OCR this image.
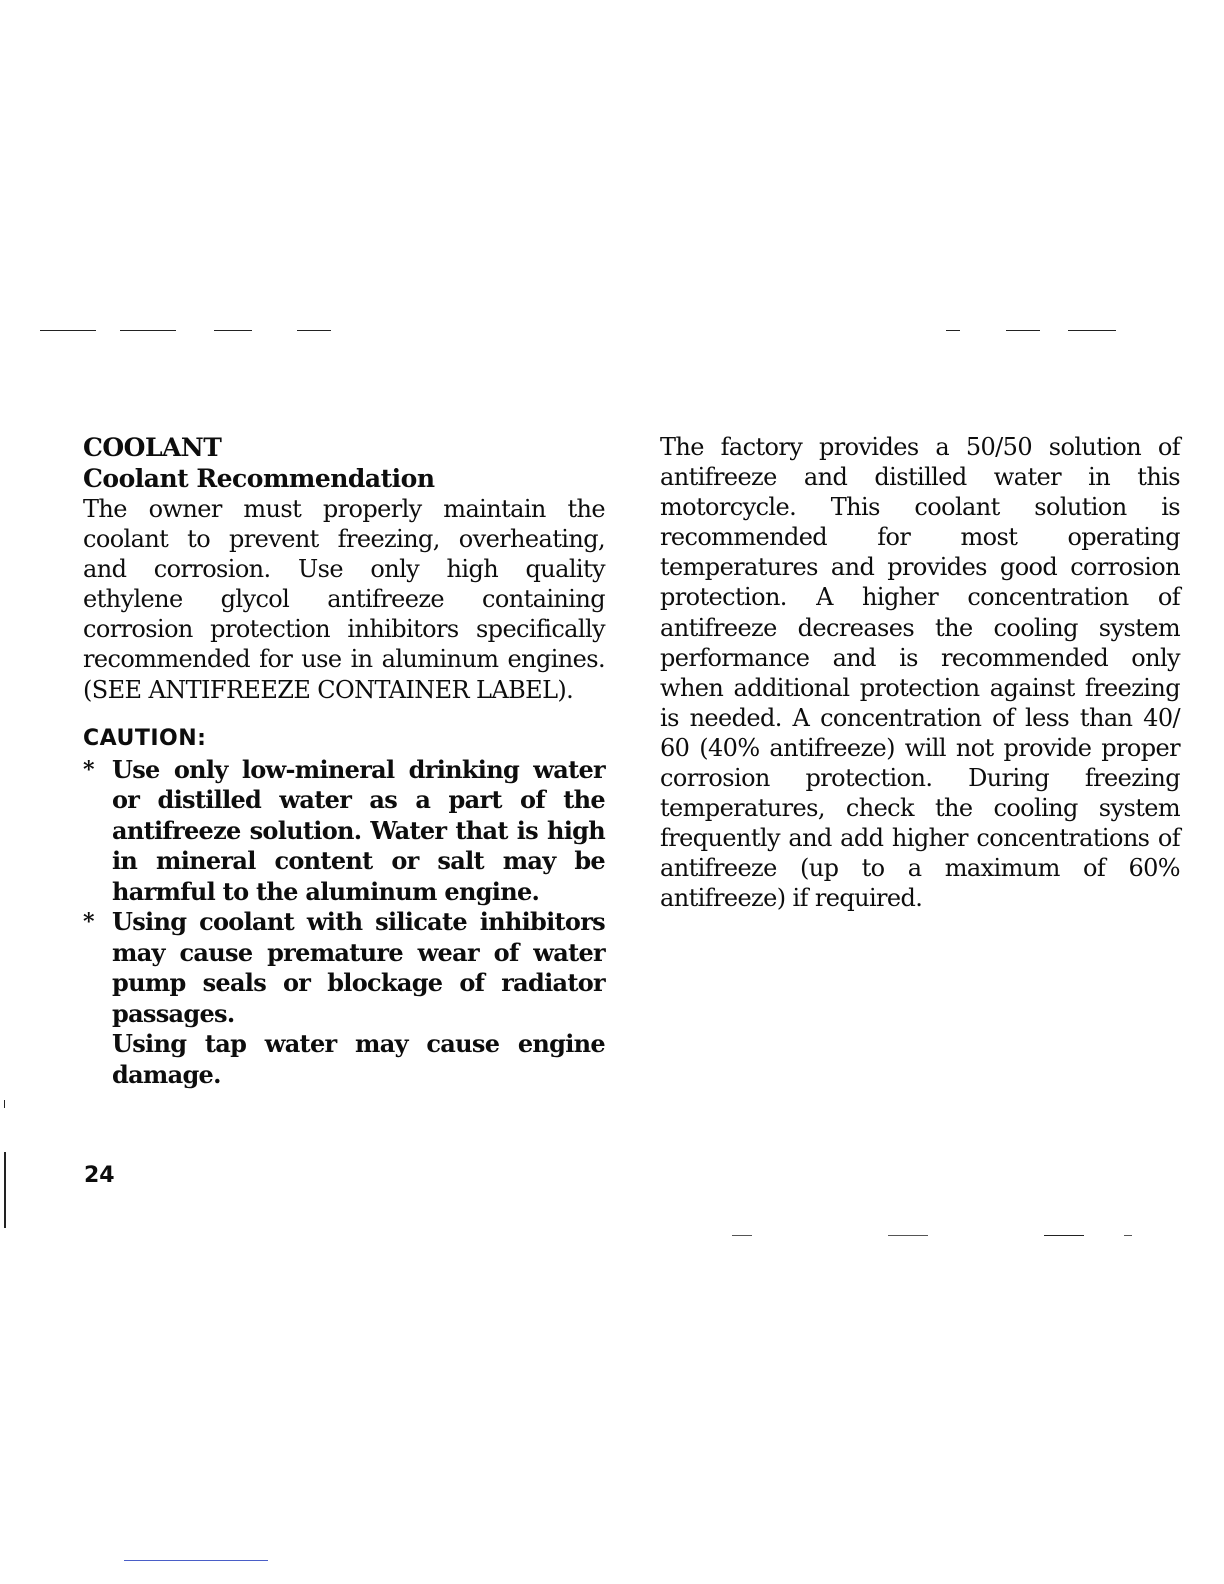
COOLANT
Coolant Recommendation

The owner must properly maintain the coolant to prevent freezing, overheating, and corrosion. Use only high quality ethylene glycol antifreeze containing corrosion protection inhibitors specifically recommended for use in aluminum engines. (SEE ANTIFREEZE CONTAINER LABEL).

CAUTION:
* Use only low-mineral drinking water or distilled water as a part of the antifreeze solution. Water that is high in mineral content or salt may be harmful to the aluminum engine.
* Using coolant with silicate inhibitors may cause premature wear of water pump seals or blockage of radiator passages.

Using tap water may cause engine damage.

The factory provides a 50/50 solution of antifreeze and distilled water in this motorcycle. This coolant solution is recommended for most operating temperatures and provides good corrosion protection. A higher concentration of antifreeze decreases the cooling system performance and is recommended only when additional protection against freezing is needed. A concentration of less than 40/ 60 (40% antifreeze) will not provide proper corrosion protection. During freezing temperatures, check the cooling system frequently and add higher concentrations of antifreeze (up to a maximum of 60% antifreeze) if required.

24
